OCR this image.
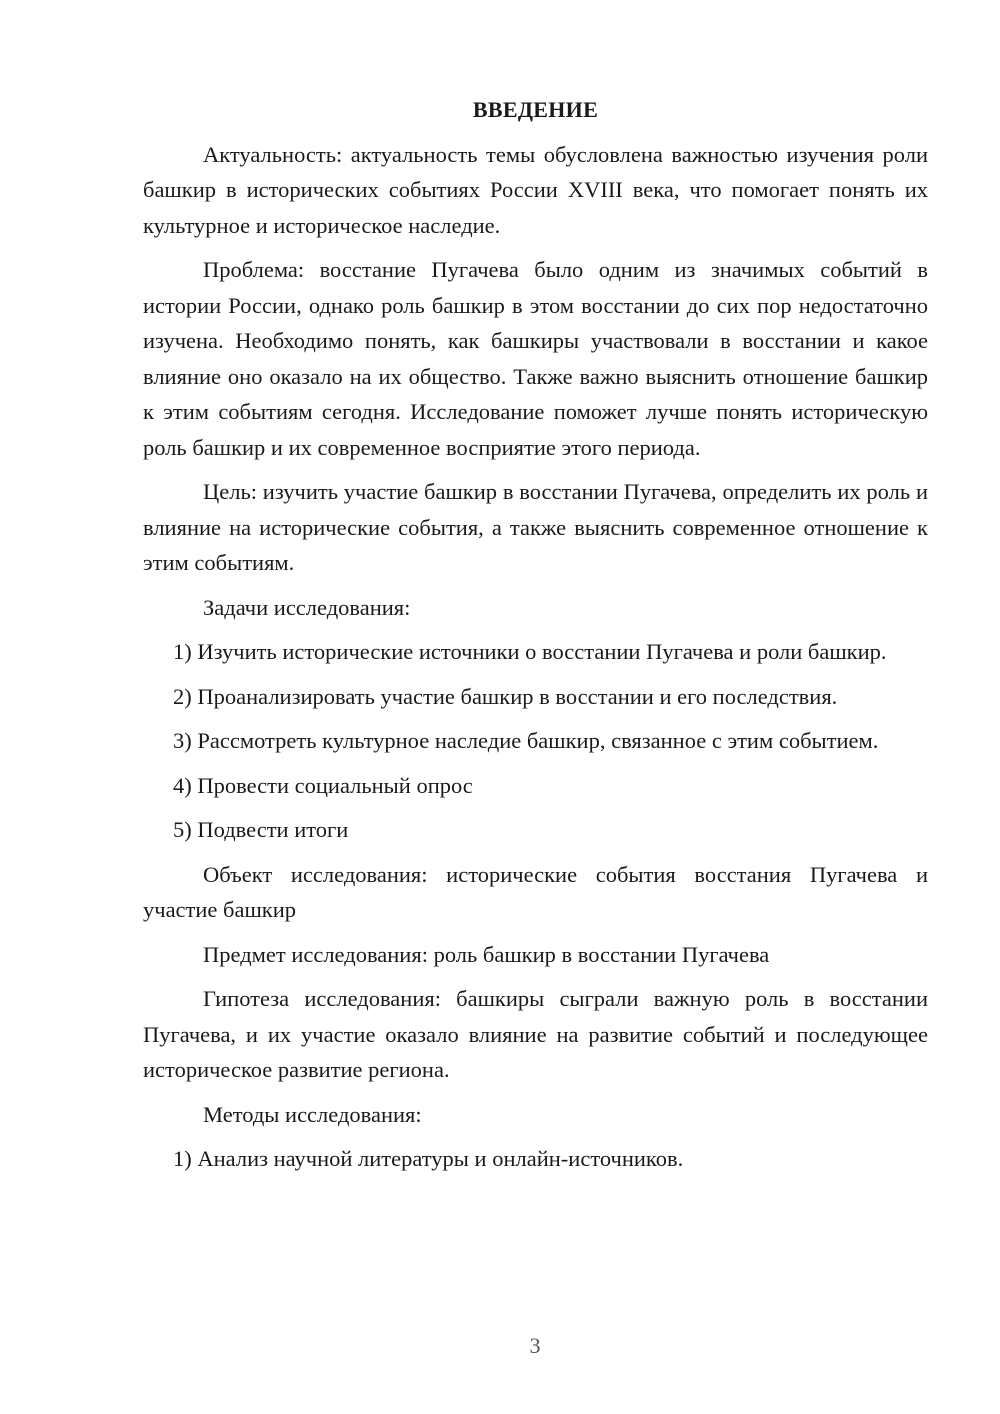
ВВЕДЕНИЕ

Актуальность: актуальность темы обусловлена важностью изучения роли башкир в исторических событиях России XVIII века, что помогает понять их культурное и историческое наследие.

Проблема: восстание Пугачева было одним из значимых событий в истории России, однако роль башкир в этом восстании до сих пор недостаточно изучена. Необходимо понять, как башкиры участвовали в восстании и какое влияние оно оказало на их общество. Также важно выяснить отношение башкир к этим событиям сегодня. Исследование поможет лучше понять историческую роль башкир и их современное восприятие этого периода.

Цель: изучить участие башкир в восстании Пугачева, определить их роль и влияние на исторические события, а также выяснить современное отношение к этим событиям.

Задачи исследования:

1) Изучить исторические источники о восстании Пугачева и роли башкир.

2) Проанализировать участие башкир в восстании и его последствия.

3) Рассмотреть культурное наследие башкир, связанное с этим событием.

4) Провести социальный опрос

5) Подвести итоги

Объект исследования: исторические события восстания Пугачева и участие башкир

Предмет исследования: роль башкир в восстании Пугачева

Гипотеза исследования: башкиры сыграли важную роль в восстании Пугачева, и их участие оказало влияние на развитие событий и последующее историческое развитие региона.

Методы исследования:

1) Анализ научной литературы и онлайн-источников.

3
